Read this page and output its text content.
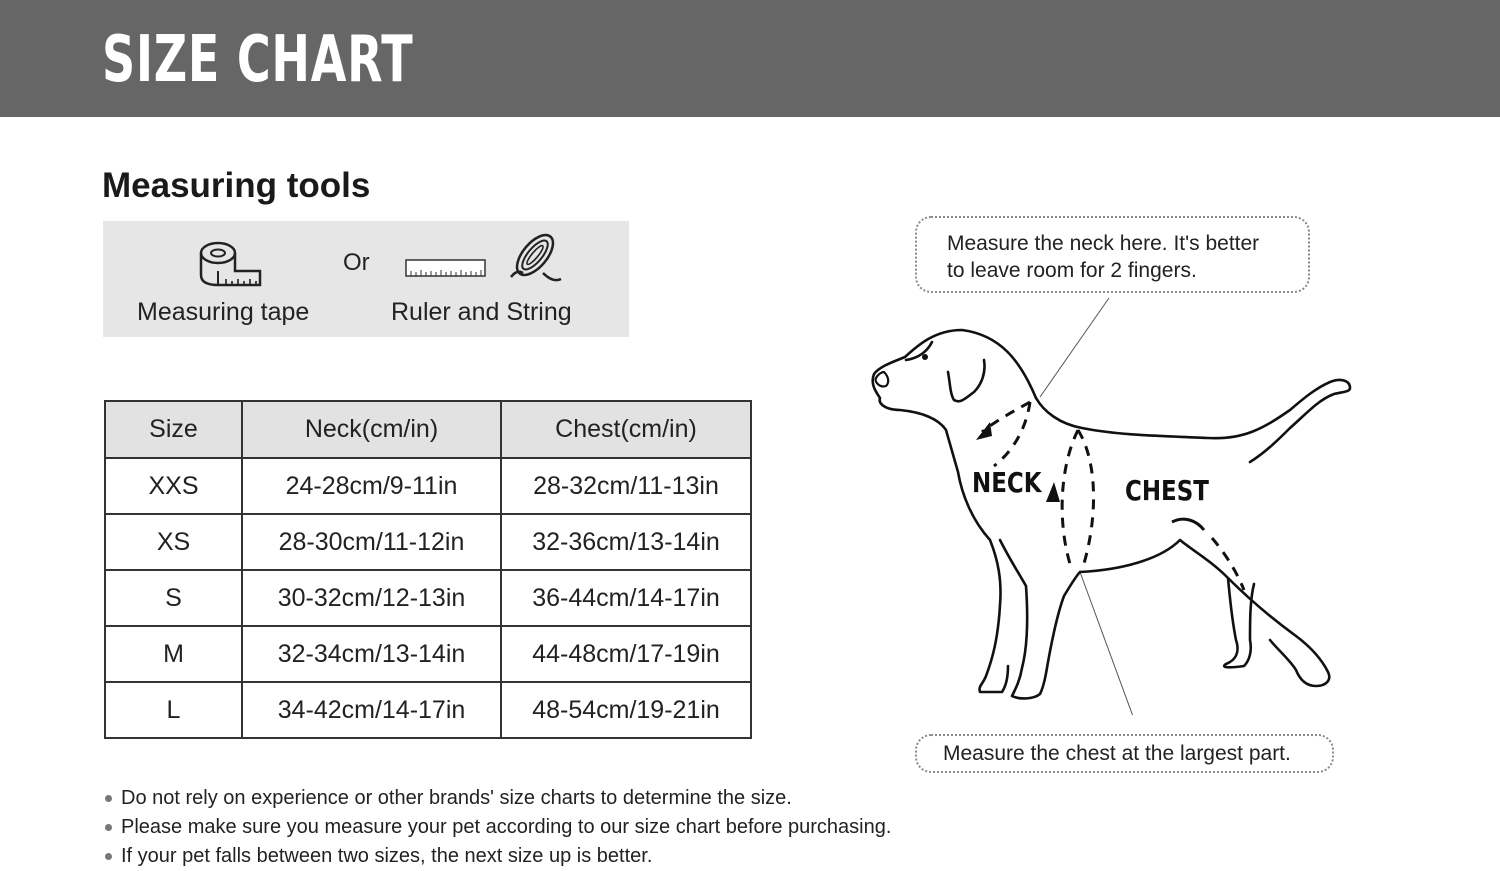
SIZE CHART
Measuring tools
Measuring tape
Or
Ruler and String
Size	Neck(cm/in)	Chest(cm/in)
XXS	24-28cm/9-11in	28-32cm/11-13in
XS	28-30cm/11-12in	32-36cm/13-14in
S	30-32cm/12-13in	36-44cm/14-17in
M	32-34cm/13-14in	44-48cm/17-19in
L	34-42cm/14-17in	48-54cm/19-21in
Do not rely on experience or other brands' size charts to determine the size.
Please make sure you measure your pet according to our size chart before purchasing.
If your pet falls between two sizes, the next size up is better.
Measure the neck here. It's better
to leave room for 2 fingers.
Measure the chest at the largest part.
NECK	CHEST
